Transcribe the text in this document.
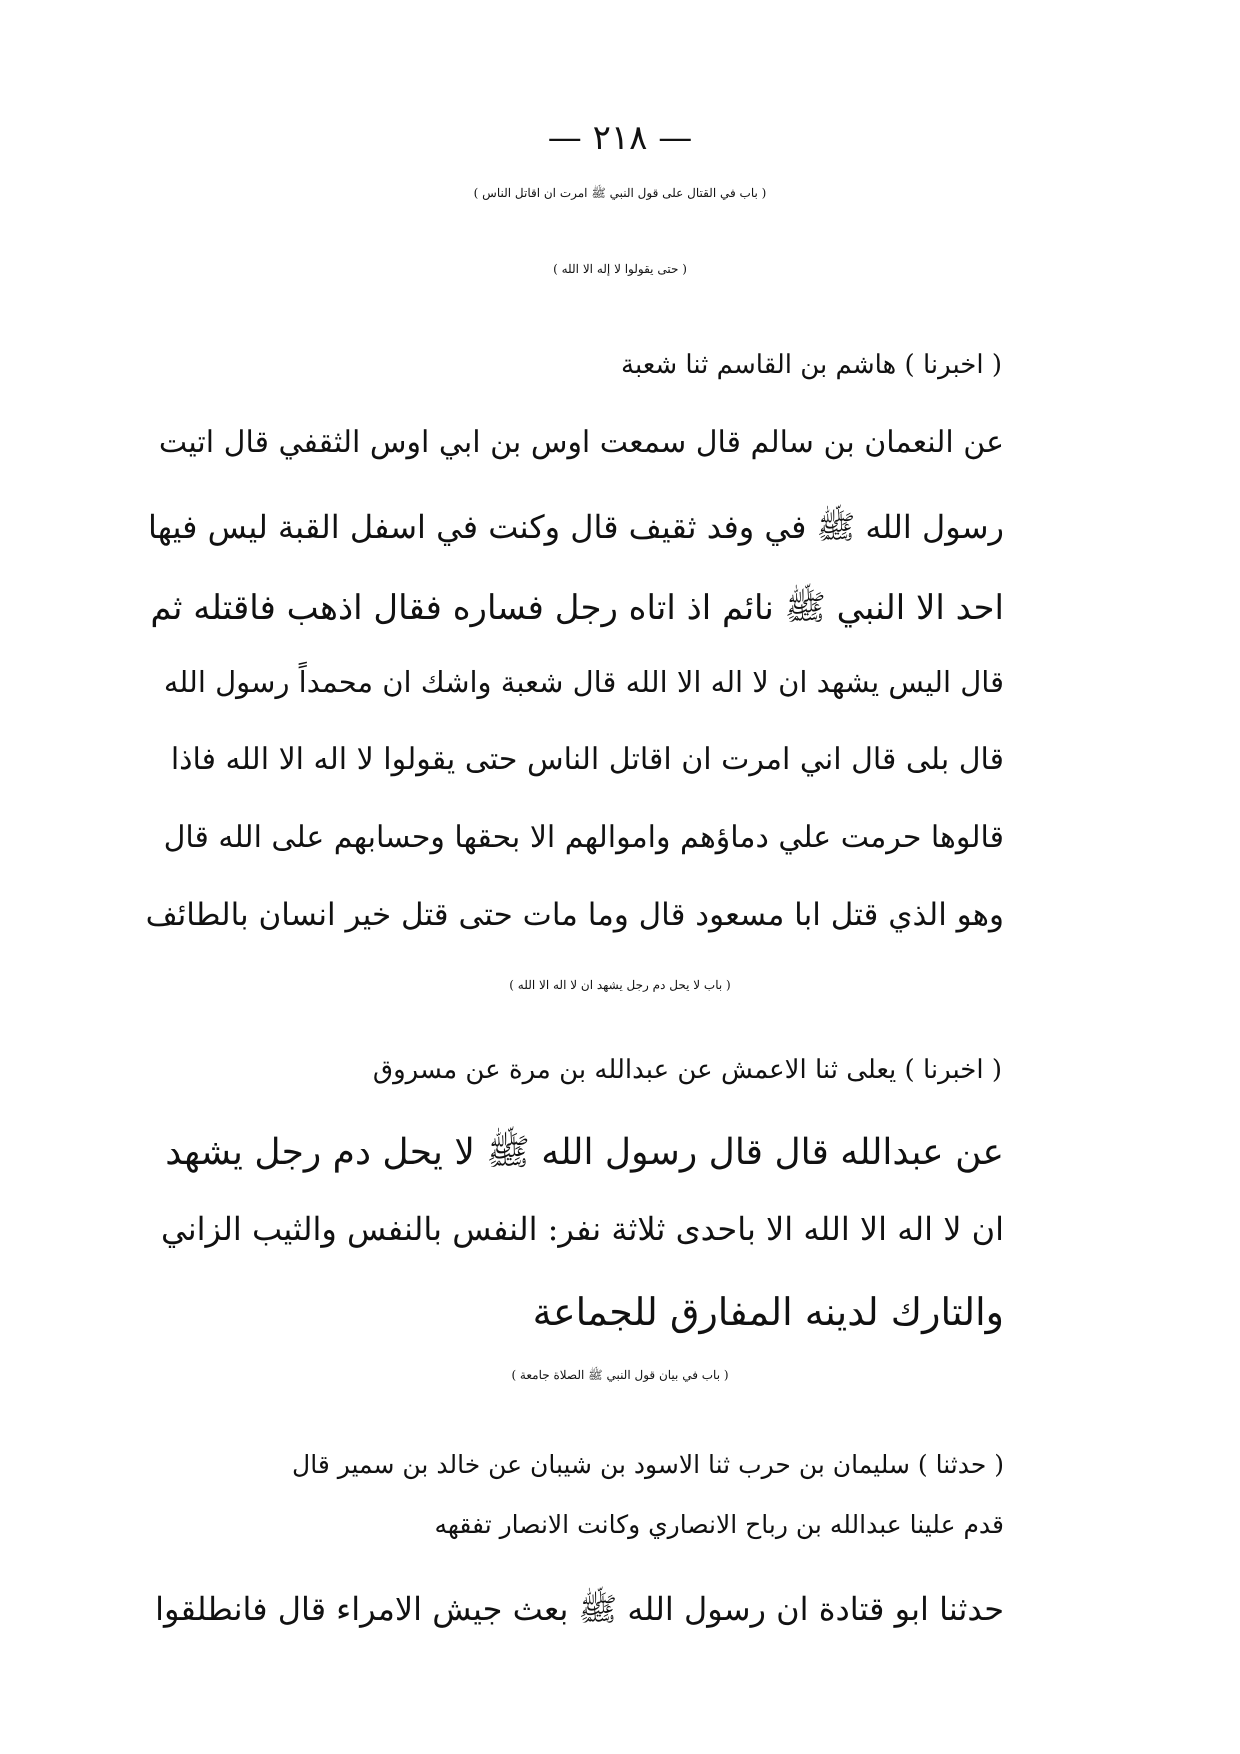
— ٢١٨ —
( باب في القتال على قول النبي ﷺ امرت ان اقاتل الناس )
( حتى يقولوا لا إله الا الله )
( اخبرنا ) هاشم بن القاسم ثنا شعبة
عن النعمان بن سالم قال سمعت اوس بن ابي اوس الثقفي قال اتيت
رسول الله ﷺ في وفد ثقيف قال وكنت في اسفل القبة ليس فيها
احد الا النبي ﷺ نائم اذ اتاه رجل فساره فقال اذهب فاقتله ثم
قال اليس يشهد ان لا اله الا الله قال شعبة واشك ان محمداً رسول الله
قال بلى قال اني امرت ان اقاتل الناس حتى يقولوا لا اله الا الله فاذا
قالوها حرمت علي دماؤهم واموالهم الا بحقها وحسابهم على الله قال
وهو الذي قتل ابا مسعود قال وما مات حتى قتل خير انسان بالطائف
( باب لا يحل دم رجل يشهد ان لا اله الا الله )
( اخبرنا ) يعلى ثنا الاعمش عن عبدالله بن مرة عن مسروق
عن عبدالله قال قال رسول الله ﷺ لا يحل دم رجل يشهد
ان لا اله الا الله الا باحدى ثلاثة نفر: النفس بالنفس والثيب الزاني
والتارك لدينه المفارق للجماعة
( باب في بيان قول النبي ﷺ الصلاة جامعة )
( حدثنا ) سليمان بن حرب ثنا الاسود بن شيبان عن خالد بن سمير قال
قدم علينا عبدالله بن رباح الانصاري وكانت الانصار تفقهه
حدثنا ابو قتادة ان رسول الله ﷺ بعث جيش الامراء قال فانطلقوا
